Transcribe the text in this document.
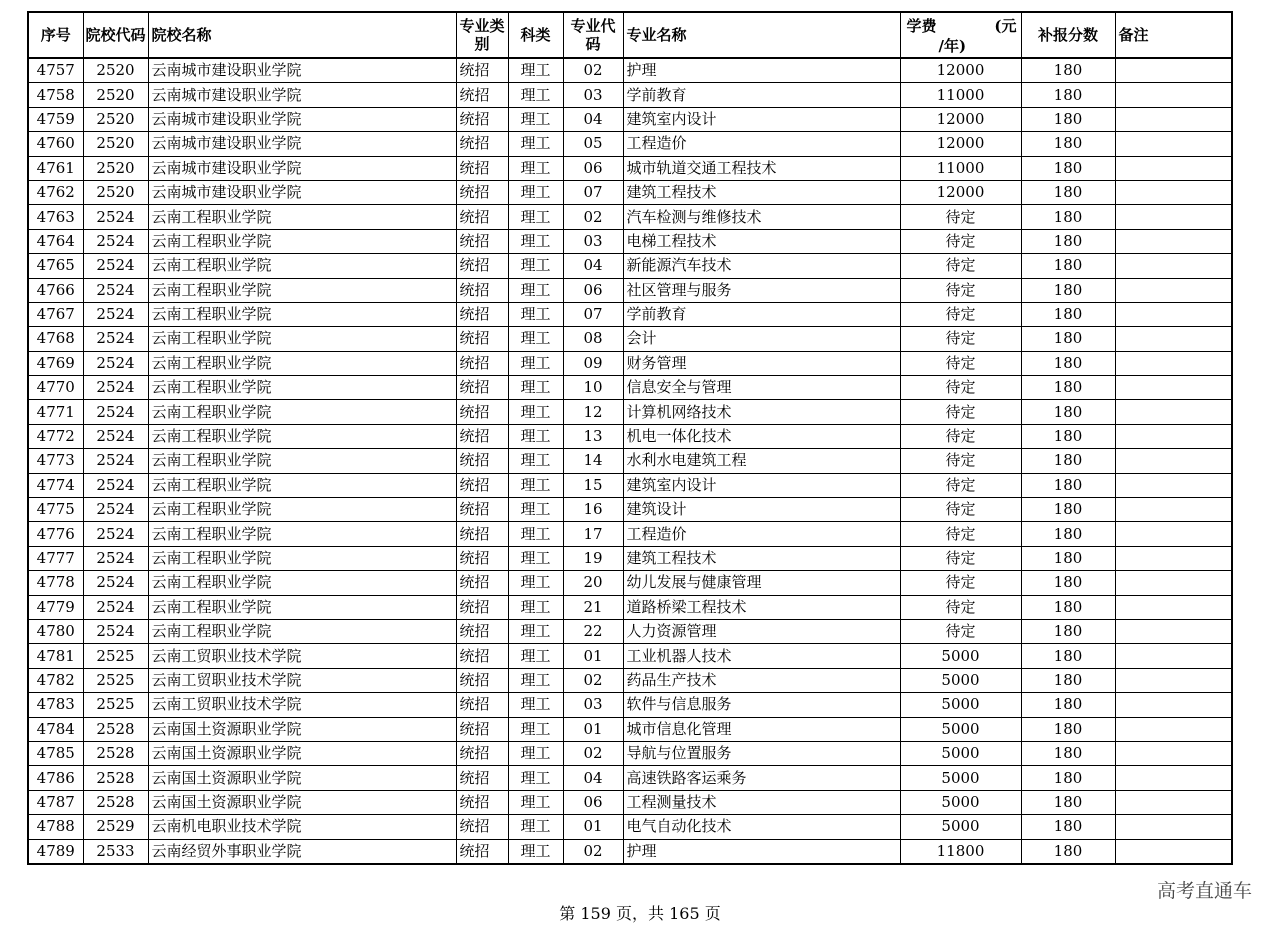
序号	院校代码	院校名称	专业类别	科类	专业代码	专业名称	学费 (元
/年)	补报分数	备注
4757	2520	云南城市建设职业学院	统招	理工	02	护理	12000	180	
4758	2520	云南城市建设职业学院	统招	理工	03	学前教育	11000	180	
4759	2520	云南城市建设职业学院	统招	理工	04	建筑室内设计	12000	180	
4760	2520	云南城市建设职业学院	统招	理工	05	工程造价	12000	180	
4761	2520	云南城市建设职业学院	统招	理工	06	城市轨道交通工程技术	11000	180	
4762	2520	云南城市建设职业学院	统招	理工	07	建筑工程技术	12000	180	
4763	2524	云南工程职业学院	统招	理工	02	汽车检测与维修技术	待定	180	
4764	2524	云南工程职业学院	统招	理工	03	电梯工程技术	待定	180	
4765	2524	云南工程职业学院	统招	理工	04	新能源汽车技术	待定	180	
4766	2524	云南工程职业学院	统招	理工	06	社区管理与服务	待定	180	
4767	2524	云南工程职业学院	统招	理工	07	学前教育	待定	180	
4768	2524	云南工程职业学院	统招	理工	08	会计	待定	180	
4769	2524	云南工程职业学院	统招	理工	09	财务管理	待定	180	
4770	2524	云南工程职业学院	统招	理工	10	信息安全与管理	待定	180	
4771	2524	云南工程职业学院	统招	理工	12	计算机网络技术	待定	180	
4772	2524	云南工程职业学院	统招	理工	13	机电一体化技术	待定	180	
4773	2524	云南工程职业学院	统招	理工	14	水利水电建筑工程	待定	180	
4774	2524	云南工程职业学院	统招	理工	15	建筑室内设计	待定	180	
4775	2524	云南工程职业学院	统招	理工	16	建筑设计	待定	180	
4776	2524	云南工程职业学院	统招	理工	17	工程造价	待定	180	
4777	2524	云南工程职业学院	统招	理工	19	建筑工程技术	待定	180	
4778	2524	云南工程职业学院	统招	理工	20	幼儿发展与健康管理	待定	180	
4779	2524	云南工程职业学院	统招	理工	21	道路桥梁工程技术	待定	180	
4780	2524	云南工程职业学院	统招	理工	22	人力资源管理	待定	180	
4781	2525	云南工贸职业技术学院	统招	理工	01	工业机器人技术	5000	180	
4782	2525	云南工贸职业技术学院	统招	理工	02	药品生产技术	5000	180	
4783	2525	云南工贸职业技术学院	统招	理工	03	软件与信息服务	5000	180	
4784	2528	云南国土资源职业学院	统招	理工	01	城市信息化管理	5000	180	
4785	2528	云南国土资源职业学院	统招	理工	02	导航与位置服务	5000	180	
4786	2528	云南国土资源职业学院	统招	理工	04	高速铁路客运乘务	5000	180	
4787	2528	云南国土资源职业学院	统招	理工	06	工程测量技术	5000	180	
4788	2529	云南机电职业技术学院	统招	理工	01	电气自动化技术	5000	180	
4789	2533	云南经贸外事职业学院	统招	理工	02	护理	11800	180	
高考直通车
第 159 页，共 165 页
